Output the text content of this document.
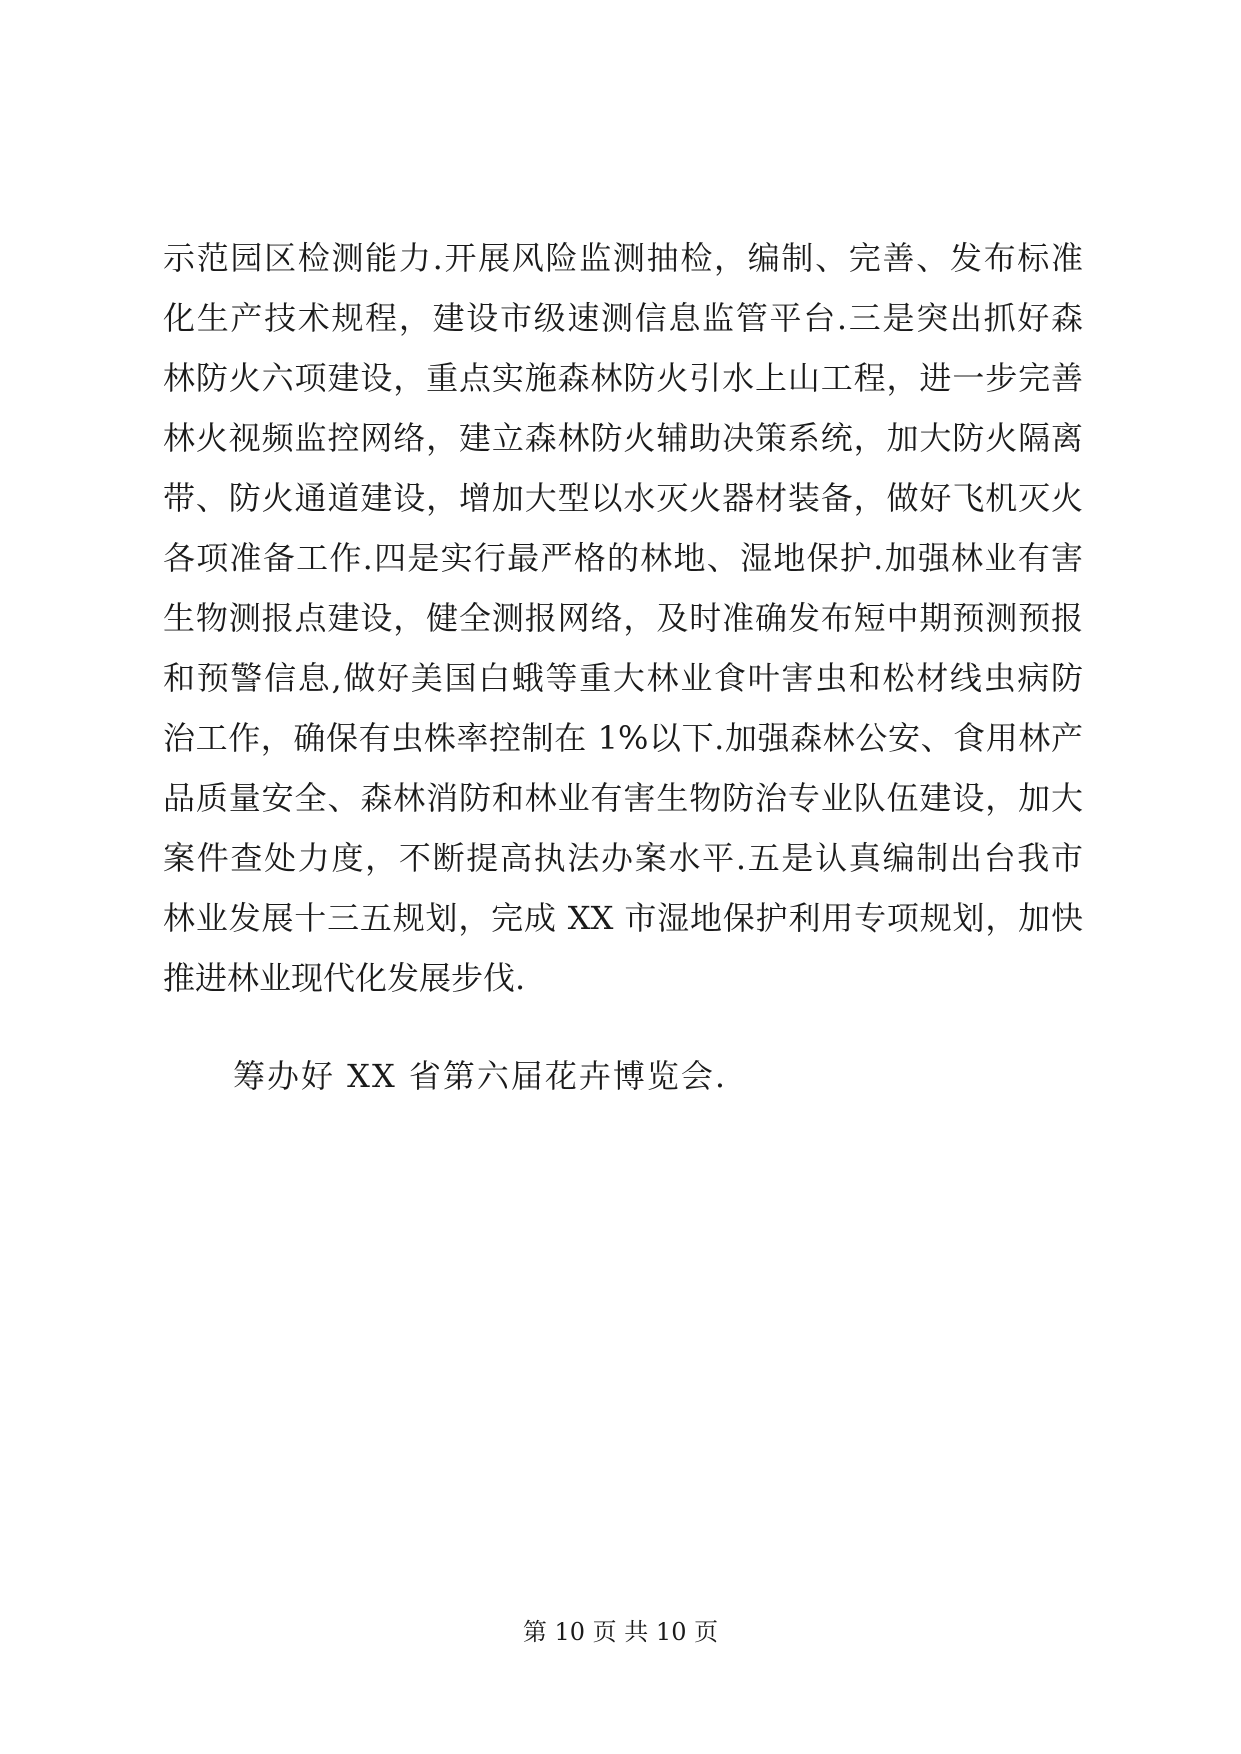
示范园区检测能力.开展风险监测抽检，编制、完善、发布标准
化生产技术规程，建设市级速测信息监管平台.三是突出抓好森
林防火六项建设，重点实施森林防火引水上山工程，进一步完善
林火视频监控网络，建立森林防火辅助决策系统，加大防火隔离
带、防火通道建设，增加大型以水灭火器材装备，做好飞机灭火
各项准备工作.四是实行最严格的林地、湿地保护.加强林业有害
生物测报点建设，健全测报网络，及时准确发布短中期预测预报
和预警信息,做好美国白蛾等重大林业食叶害虫和松材线虫病防
治工作，确保有虫株率控制在 1%以下.加强森林公安、食用林产
品质量安全、森林消防和林业有害生物防治专业队伍建设，加大
案件查处力度，不断提高执法办案水平.五是认真编制出台我市
林业发展十三五规划，完成 XX 市湿地保护利用专项规划，加快
推进林业现代化发展步伐.
筹办好 XX 省第六届花卉博览会.
第 10 页 共 10 页
